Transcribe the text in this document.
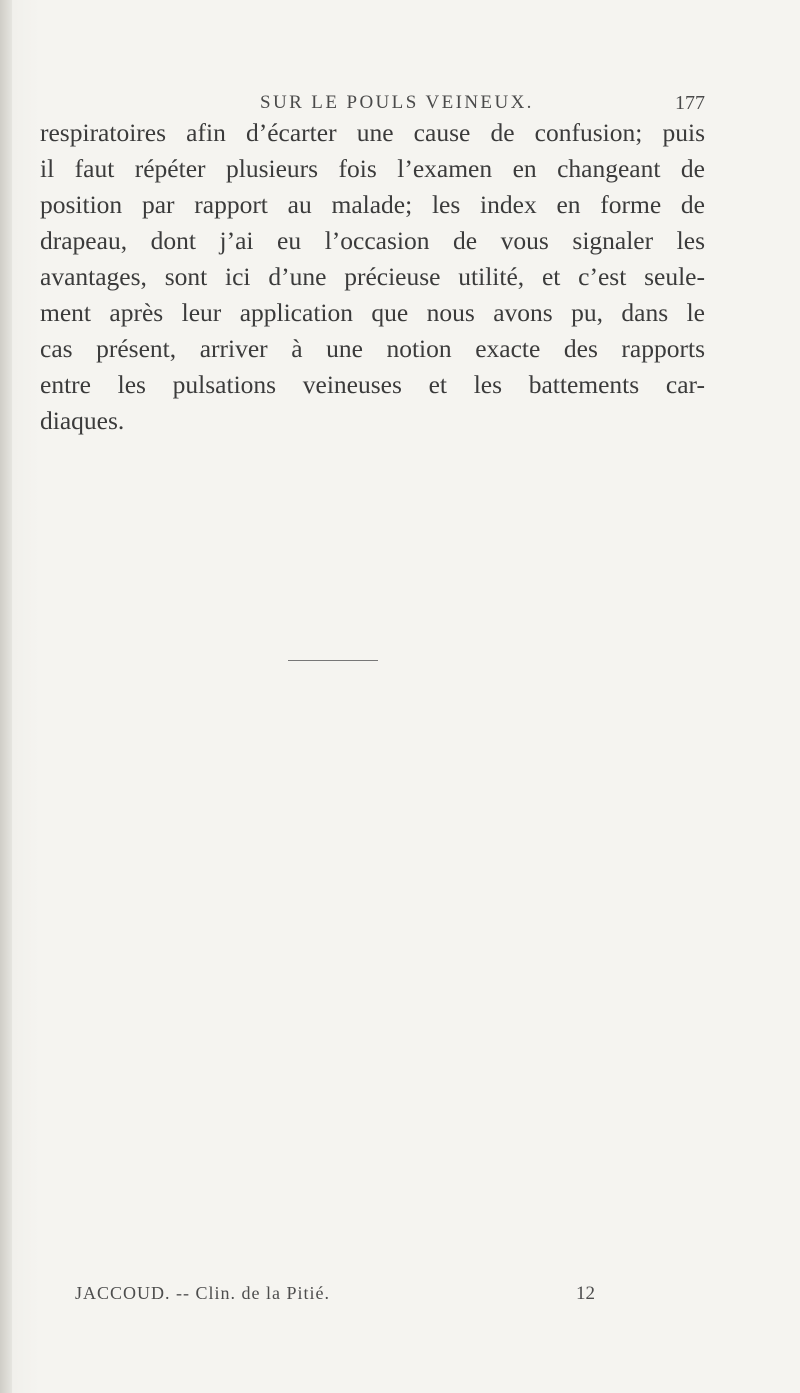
SUR LE POULS VEINEUX.	177
respiratoires afin d’écarter une cause de confusion; puis
il faut répéter plusieurs fois l’examen en changeant de
position par rapport au malade; les index en forme de
drapeau, dont j’ai eu l’occasion de vous signaler les
avantages, sont ici d’une précieuse utilité, et c’est seule-
ment après leur application que nous avons pu, dans le
cas présent, arriver à une notion exacte des rapports
entre les pulsations veineuses et les battements car-
diaques.
JACCOUD. -- Clin. de la Pitié.	12
